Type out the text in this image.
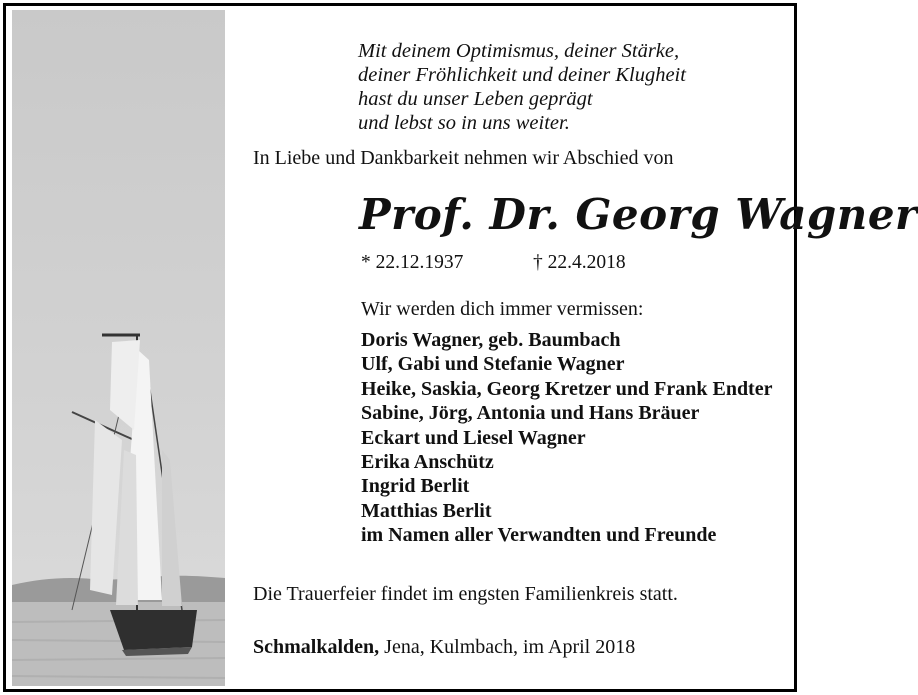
Mit deinem Optimismus, deiner Stärke,
deiner Fröhlichkeit und deiner Klugheit
hast du unser Leben geprägt
und lebst so in uns weiter.
In Liebe und Dankbarkeit nehmen wir Abschied von
Prof. Dr. Georg Wagner
* 22.12.1937	† 22.4.2018
Wir werden dich immer vermissen:
Doris Wagner, geb. Baumbach
Ulf, Gabi und Stefanie Wagner
Heike, Saskia, Georg Kretzer und Frank Endter
Sabine, Jörg, Antonia und Hans Bräuer
Eckart und Liesel Wagner
Erika Anschütz
Ingrid Berlit
Matthias Berlit
im Namen aller Verwandten und Freunde
Die Trauerfeier findet im engsten Familienkreis statt.
Schmalkalden, Jena, Kulmbach, im April 2018
